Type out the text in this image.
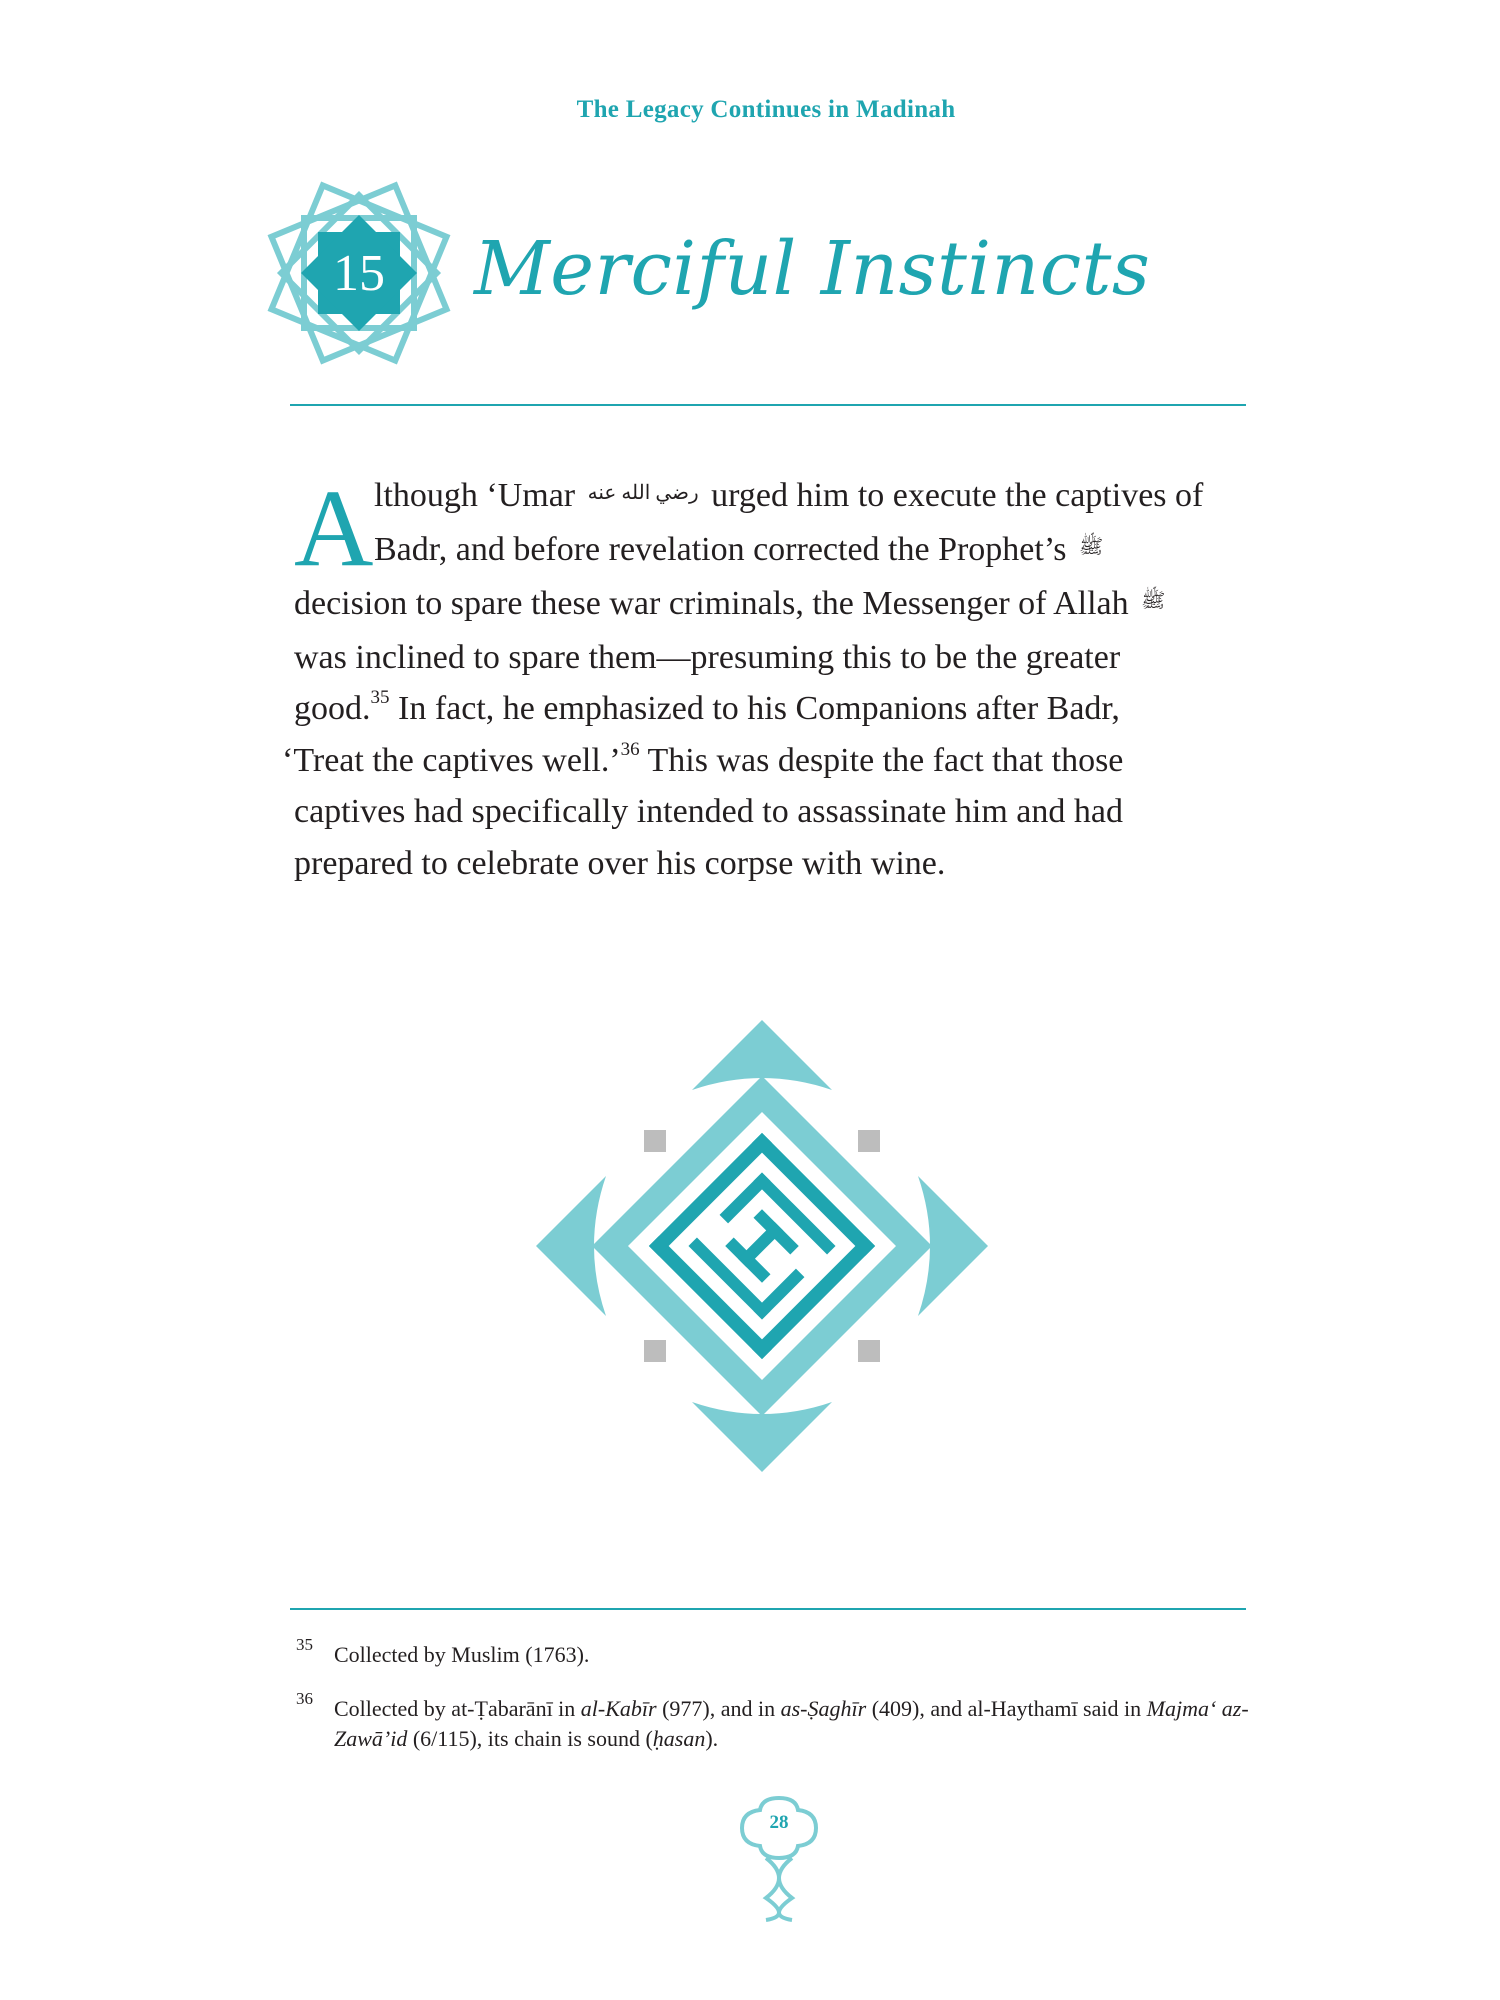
The Legacy Continues in Madinah
15	Merciful Instincts
A lthough ‘Umar رضي الله عنه urged him to execute the captives of
Badr, and before revelation corrected the Prophet’s ﷺ
decision to spare these war criminals, the Messenger of Allah ﷺ
was inclined to spare them—presuming this to be the greater
good.$^{35}$ In fact, he emphasized to his Companions after Badr,
‘Treat the captives well.’$^{36}$ This was despite the fact that those
captives had specifically intended to assassinate him and had
prepared to celebrate over his corpse with wine.
35 Collected by Muslim (1763).
36 Collected by at-Ṭabarānī in al-Kabīr (977), and in as-Ṣaghīr (409), and al-Haythamī said in Majma‘ az-Zawā’id (6/115), its chain is sound (ḥasan).
28
